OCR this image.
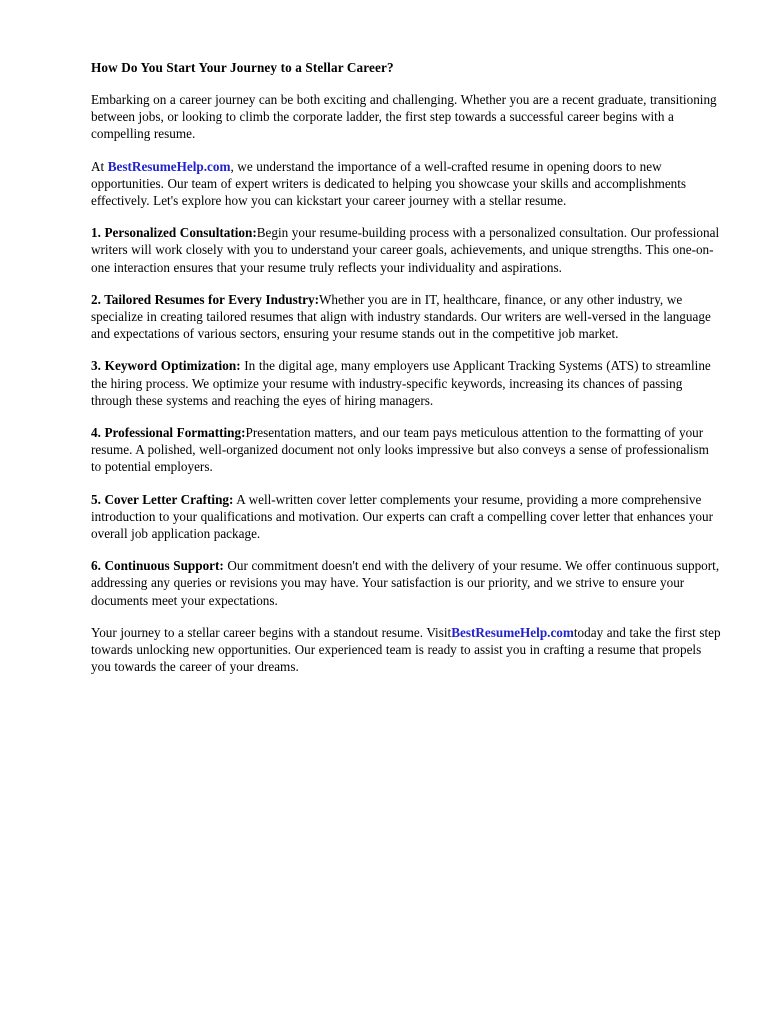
How Do You Start Your Journey to a Stellar Career?

Embarking on a career journey can be both exciting and challenging. Whether you are a recent graduate, transitioning between jobs, or looking to climb the corporate ladder, the first step towards a successful career begins with a compelling resume.

At BestResumeHelp.com, we understand the importance of a well-crafted resume in opening doors to new opportunities. Our team of expert writers is dedicated to helping you showcase your skills and accomplishments effectively. Let's explore how you can kickstart your career journey with a stellar resume.

1. Personalized Consultation:Begin your resume-building process with a personalized consultation. Our professional writers will work closely with you to understand your career goals, achievements, and unique strengths. This one-on-one interaction ensures that your resume truly reflects your individuality and aspirations.

2. Tailored Resumes for Every Industry:Whether you are in IT, healthcare, finance, or any other industry, we specialize in creating tailored resumes that align with industry standards. Our writers are well-versed in the language and expectations of various sectors, ensuring your resume stands out in the competitive job market.

3. Keyword Optimization: In the digital age, many employers use Applicant Tracking Systems (ATS) to streamline the hiring process. We optimize your resume with industry-specific keywords, increasing its chances of passing through these systems and reaching the eyes of hiring managers.

4. Professional Formatting:Presentation matters, and our team pays meticulous attention to the formatting of your resume. A polished, well-organized document not only looks impressive but also conveys a sense of professionalism to potential employers.

5. Cover Letter Crafting: A well-written cover letter complements your resume, providing a more comprehensive introduction to your qualifications and motivation. Our experts can craft a compelling cover letter that enhances your overall job application package.

6. Continuous Support: Our commitment doesn't end with the delivery of your resume. We offer continuous support, addressing any queries or revisions you may have. Your satisfaction is our priority, and we strive to ensure your documents meet your expectations.

Your journey to a stellar career begins with a standout resume. VisitBestResumeHelp.comtoday and take the first step towards unlocking new opportunities. Our experienced team is ready to assist you in crafting a resume that propels you towards the career of your dreams.
